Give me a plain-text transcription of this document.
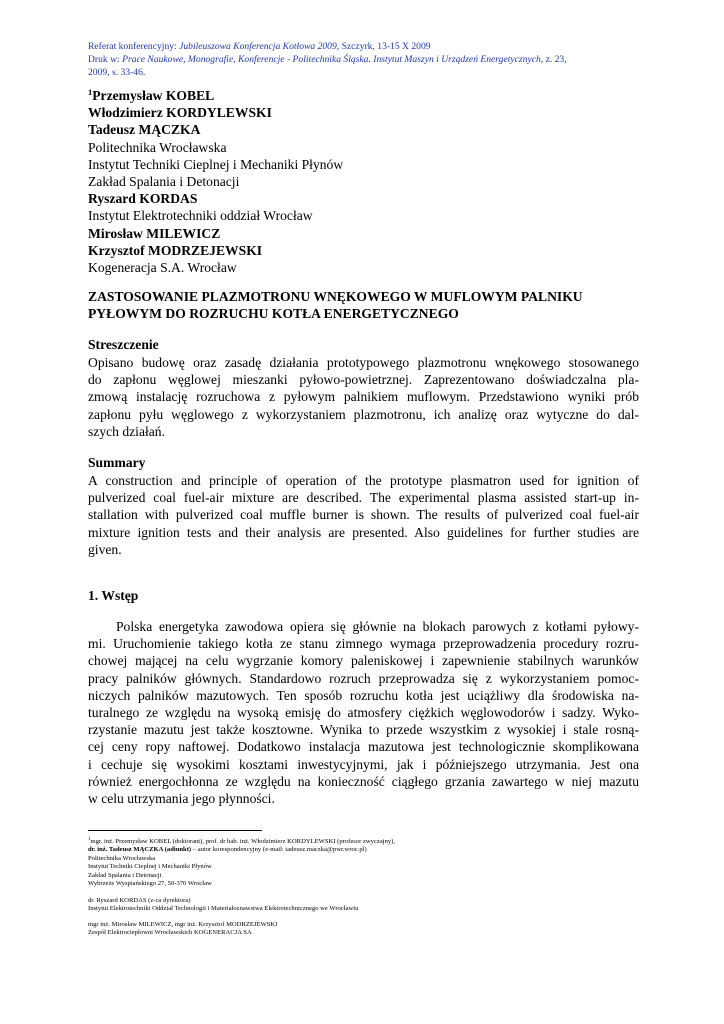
Referat konferencyjny: Jubileuszowa Konferencja Kotłowa 2009, Szczyrk, 13-15 X 2009
Druk w: Prace Naukowe, Monografie, Konferencje - Politechnika Śląska. Instytut Maszyn i Urządzeń Energetycznych, z. 23,
2009, s. 33-46.
$^1$Przemysław KOBEL
Włodzimierz KORDYLEWSKI
Tadeusz MĄCZKA
Politechnika Wrocławska
Instytut Techniki Cieplnej i Mechaniki Płynów
Zakład Spalania i Detonacji
Ryszard KORDAS
Instytut Elektrotechniki oddział Wrocław
Mirosław MILEWICZ
Krzysztof MODRZEJEWSKI
Kogeneracja S.A. Wrocław
ZASTOSOWANIE PLAZMOTRONU WNĘKOWEGO W MUFLOWYM PALNIKU
PYŁOWYM DO ROZRUCHU KOTŁA ENERGETYCZNEGO
Streszczenie
Opisano budowę oraz zasadę działania prototypowego plazmotronu wnękowego stosowanego
do zapłonu węglowej mieszanki pyłowo-powietrznej. Zaprezentowano doświadczalna pla-
zmową instalację rozruchowa z pyłowym palnikiem muflowym. Przedstawiono wyniki prób
zapłonu pyłu węglowego z wykorzystaniem plazmotronu, ich analizę oraz wytyczne do dal-
szych działań.
Summary
A construction and principle of operation of the prototype plasmatron used for ignition of
pulverized coal fuel-air mixture are described. The experimental plasma assisted start-up in-
stallation with pulverized coal muffle burner is shown. The results of pulverized coal fuel-air
mixture ignition tests and their analysis are presented. Also guidelines for further studies are
given.
1. Wstęp
Polska energetyka zawodowa opiera się głównie na blokach parowych z kotłami pyłowy-
mi. Uruchomienie takiego kotła ze stanu zimnego wymaga przeprowadzenia procedury rozru-
chowej mającej na celu wygrzanie komory paleniskowej i zapewnienie stabilnych warunków
pracy palników głównych. Standardowo rozruch przeprowadza się z wykorzystaniem pomoc-
niczych palników mazutowych. Ten sposób rozruchu kotła jest uciążliwy dla środowiska na-
turalnego ze względu na wysoką emisję do atmosfery ciężkich węglowodorów i sadzy. Wyko-
rzystanie mazutu jest także kosztowne. Wynika to przede wszystkim z wysokiej i stale rosną-
cej ceny ropy naftowej. Dodatkowo instalacja mazutowa jest technologicznie skomplikowana
i cechuje się wysokimi kosztami inwestycyjnymi, jak i późniejszego utrzymania. Jest ona
również energochłonna ze względu na konieczność ciągłego grzania zawartego w niej mazutu
w celu utrzymania jego płynności.
$^1$mgr. inż. Przemysław KOBEL (doktorant), prof. dr hab. inż. Włodzimierz KORDYLEWSKI (profesor zwyczajny),
dr. inż. Tadeusz MĄCZKA (adiunkt) – autor korespondencyjny (e-mail: tadeusz.maczka@pwr.wroc.pl)
Politechnika Wrocławska
Instytut Techniki Cieplnej i Mechaniki Płynów
Zakład Spalania i Detonacji
Wybrzeże Wyspiańskiego 27, 50-370 Wrocław
dr. Ryszard KORDAS (z-ca dyrektora)
Instytut Elektrotechniki Oddział Technologii i Materiałoznawstwa Elektrotechnicznego we Wrocławiu
mgr inż. Mirosław MILEWICZ, mgr inż. Krzysztof MODRZEJEWSKI
Zespół Elektrociepłowni Wrocławskich KOGENERACJA SA
